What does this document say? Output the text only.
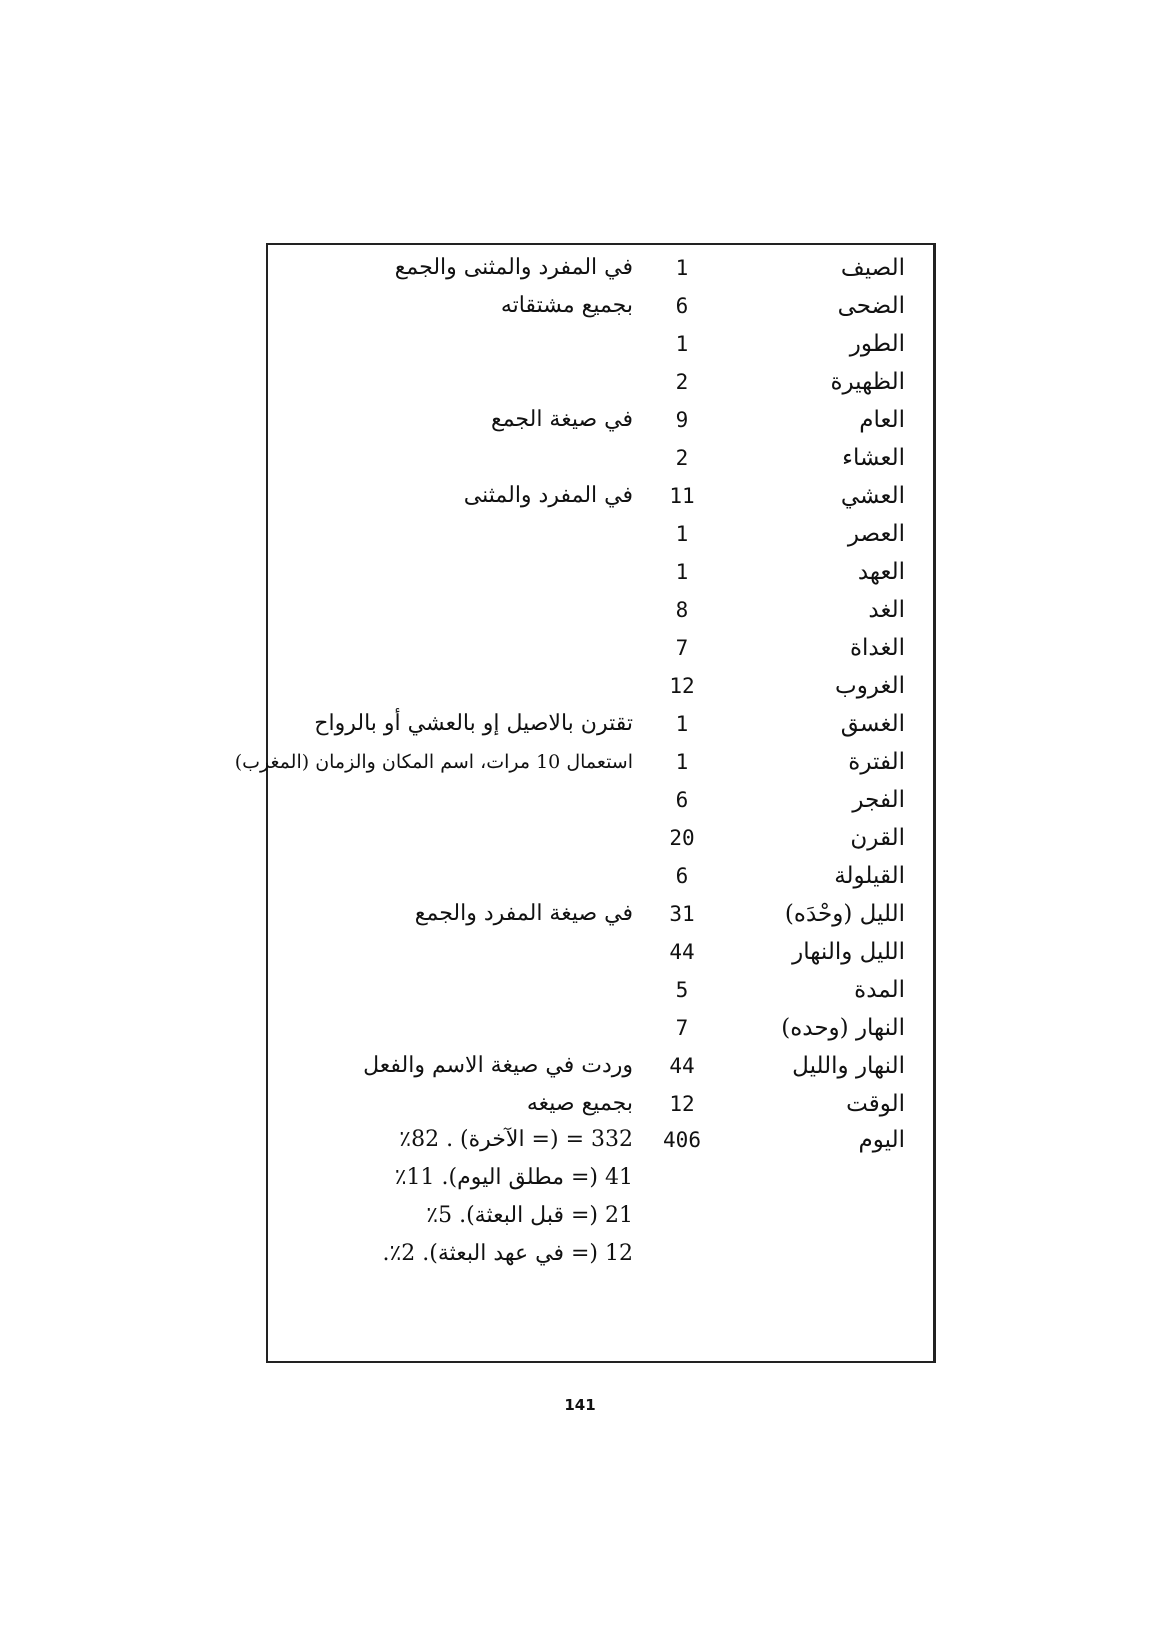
الصيف
1
في المفرد والمثنى والجمع
الضحى
6
بجميع مشتقاته
الطور
1
الظهيرة
2
العام
9
في صيغة الجمع
العشاء
2
العشي
11
في المفرد والمثنى
العصر
1
العهد
1
الغد
8
الغداة
7
الغروب
12
الغسق
1
تقترن بالاصيل إو بالعشي أو بالرواح
الفترة
1
استعمال 10 مرات، اسم المكان والزمان (المغرب)
الفجر
6
القرن
20
القيلولة
6
الليل (وحْدَه)
31
في صيغة المفرد والجمع
الليل والنهار
44
المدة
5
النهار (وحده)
7
النهار والليل
44
وردت في صيغة الاسم والفعل
الوقت
12
بجميع صيغه
اليوم
406
332 = (= الآخرة) . 82٪
41 (= مطلق اليوم). 11٪
21 (= قبل البعثة). 5٪
12 (= في عهد البعثة). 2٪.
141
